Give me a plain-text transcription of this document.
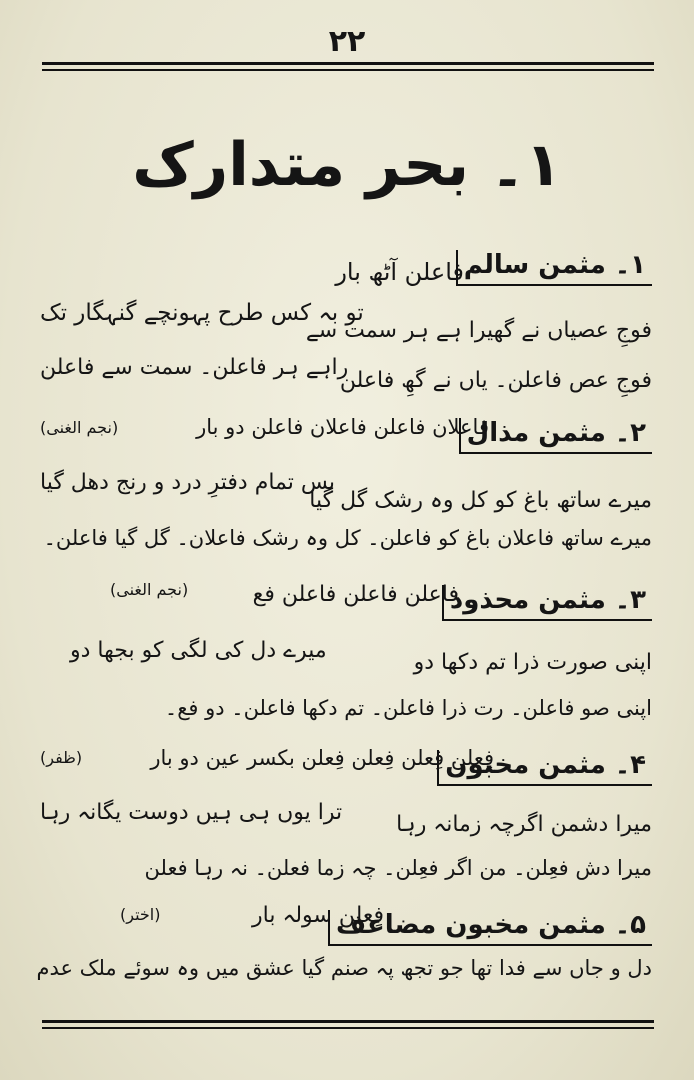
۲۲
۱۔ بحر متدارک
۱۔ مثمن سالم
فاعلن آٹھ بار
تو بہ کس طرح پہونچے گنہگار تک
فوجِ عصیاں نے گھیرا ہے ہر سمت سے
راہے ہر فاعلن۔ سمت سے فاعلن
فوجِ عص فاعلن۔ یاں نے گھِ فاعلن
۲۔ مثمن مذال
فاعلان فاعلن فاعلان فاعلن دو بار
(نجم الغنی)
بس تمام دفترِ درد و رنج دھل گیا
میرے ساتھ باغ کو کل وہ رشک گل گیا
میرے ساتھ فاعلان باغ کو فاعلن۔ کل وہ رشک فاعلان۔ گل گیا فاعلن۔
۳۔ مثمن محذوذ
فاعلن فاعلن فاعلن فع
(نجم الغنی)
میرے دل کی لگی کو بجھا دو	اپنی صورت ذرا تم دکھا دو
اپنی صو فاعلن۔ رت ذرا فاعلن۔ تم دکھا فاعلن۔ دو فع۔
۴۔ مثمن مخبون
فِعلن فِعلن فِعلن فِعلن بکسر عین دو بار
(ظفر)
ترا یوں ہی ہیں دوست یگانہ رہا میرا دشمن اگرچہ زمانہ رہا
میرا دش فعِلن۔ من اگر فعِلن۔ چہ زما فعلن۔ نہ رہا فعلن
۵۔ مثمن مخبون مضاعف
فِعلن سولہ بار
(اختر)
دل و جاں سے فدا تھا جو تجھ پہ صنم گیا عشق میں وہ سوئے ملک عدم
